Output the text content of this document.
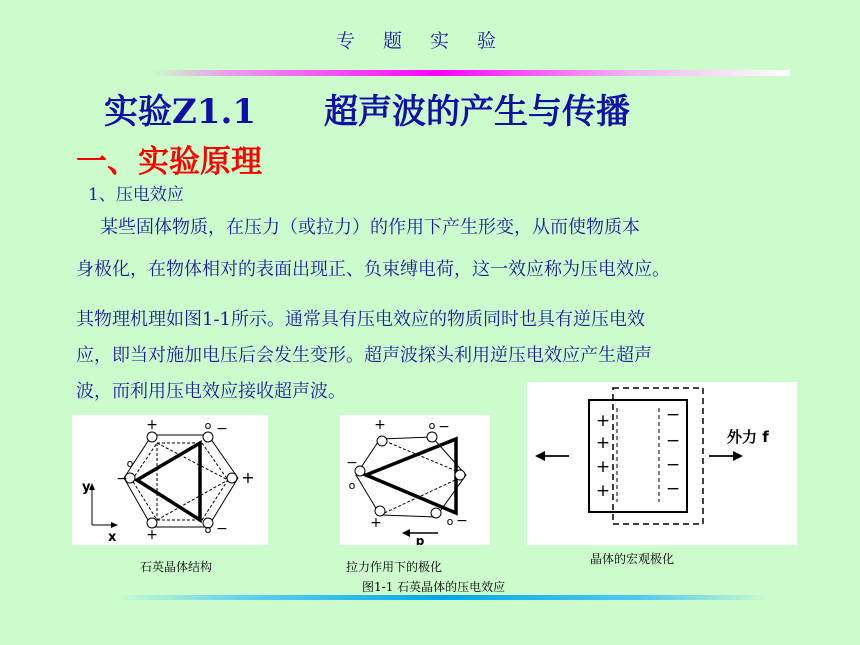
专题实验
实验Z1.1　　超声波的产生与传播
一、实验原理
1、压电效应
某些固体物质，在压力（或拉力）的作用下产生形变，从而使物质本
身极化，在物体相对的表面出现正、负束缚电荷，这一效应称为压电效应。
其物理机理如图1-1所示。通常具有压电效应的物质同时也具有逆压电效
应，即当对施加电压后会发生变形。超声波探头利用逆压电效应产生超声
波，而利用压电效应接收超声波。
+	o −
+
−
o
+	o −
y
x
+	o −
−
o
+	o −
p
+
+
+
+
−
−
−
−
外力 f
石英晶体结构	拉力作用下的极化
晶体的宏观极化
图1-1 石英晶体的压电效应
